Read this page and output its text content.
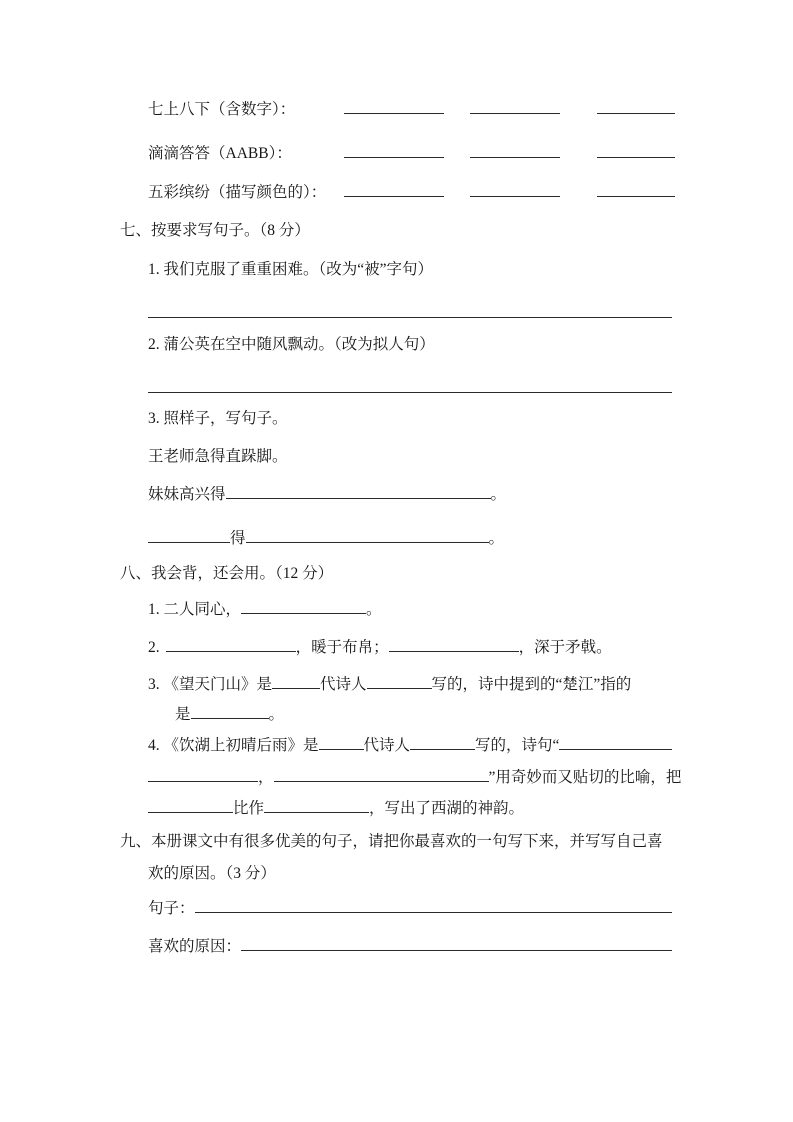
七上八下（含数字）：
滴滴答答（AABB）：
五彩缤纷（描写颜色的）：
七、按要求写句子。（8 分）
1. 我们克服了重重困难。（改为“被”字句）
2. 蒲公英在空中随风飘动。（改为拟人句）
3. 照样子，写句子。
王老师急得直跺脚。
妹妹高兴得	。
得	。
八、我会背，还会用。（12 分）
1. 二人同心，	。
2.	，暖于布帛；	，深于矛戟。
3. 《望天门山》是	代诗人	写的，诗中提到的“楚江”指的
是	。
4. 《饮湖上初晴后雨》是	代诗人	写的，诗句“
，	”用奇妙而又贴切的比喻，把
比作	，写出了西湖的神韵。
九、本册课文中有很多优美的句子，请把你最喜欢的一句写下来，并写写自己喜
欢的原因。（3 分）
句子：
喜欢的原因：
